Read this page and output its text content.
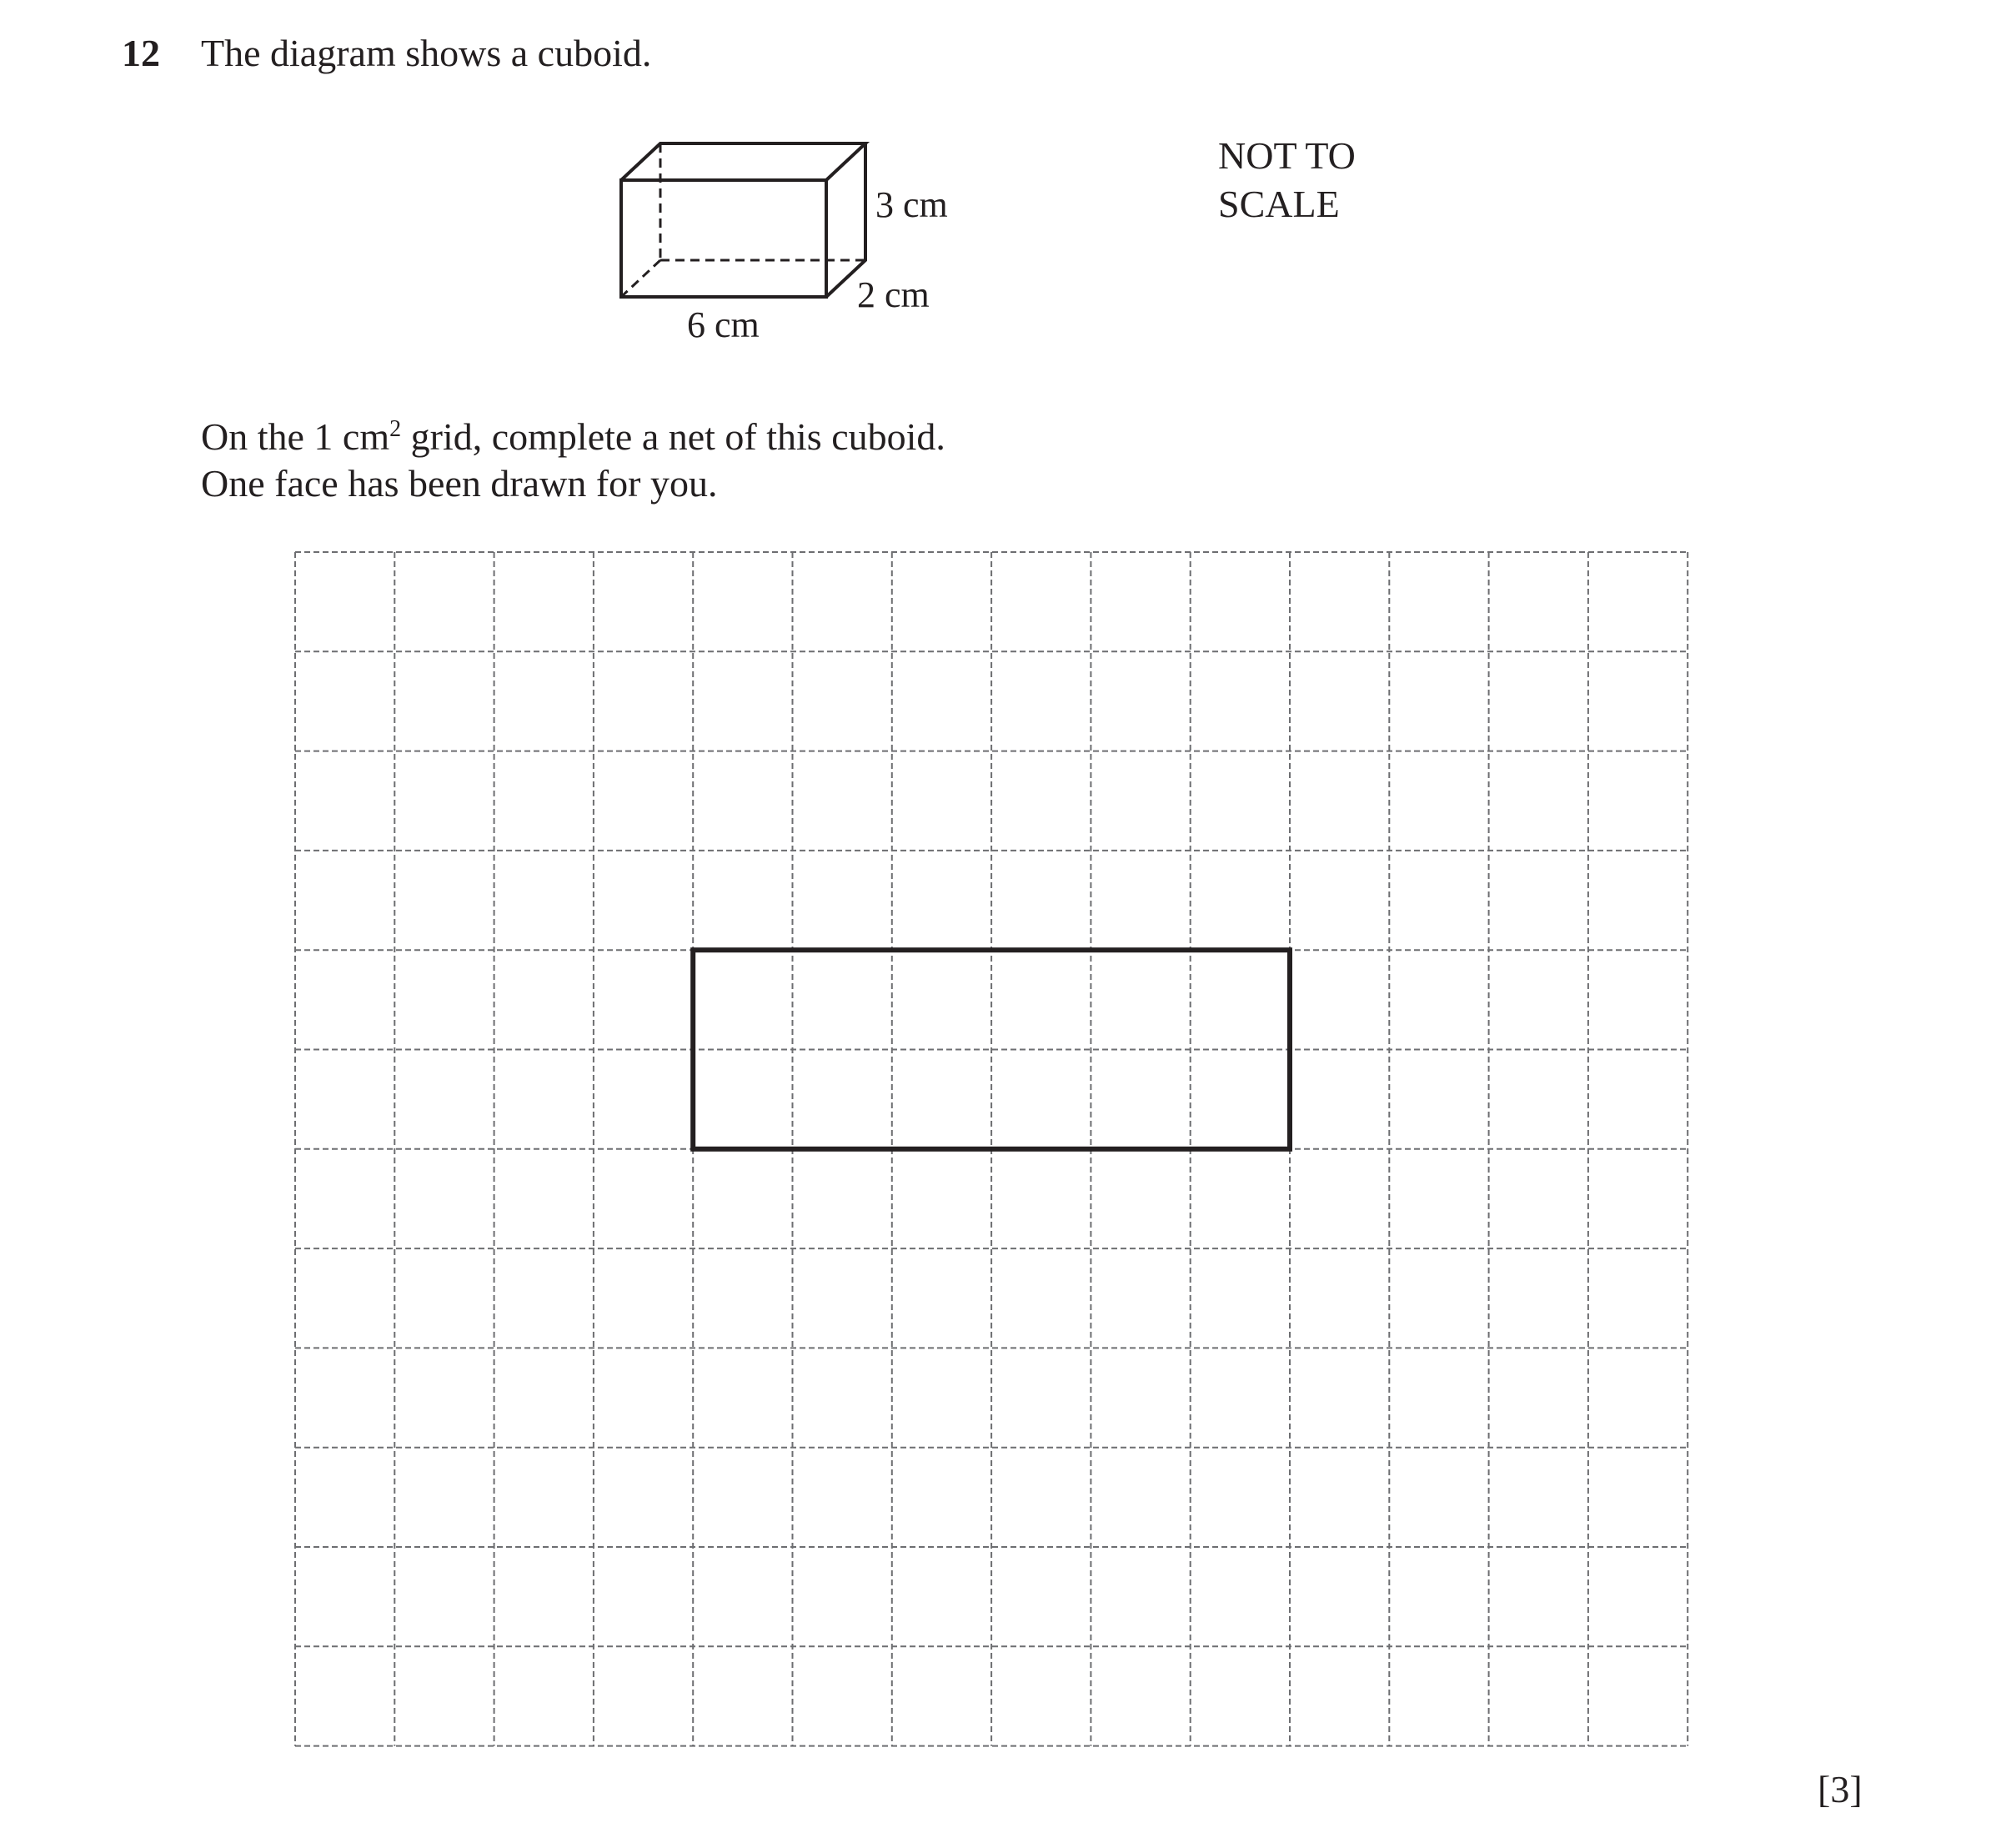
12 The diagram shows a cuboid.
3 cm
2 cm
6 cm
NOT TO
SCALE
On the 1 $cm^2$ grid, complete a net of this cuboid.
One face has been drawn for you.
[3]
